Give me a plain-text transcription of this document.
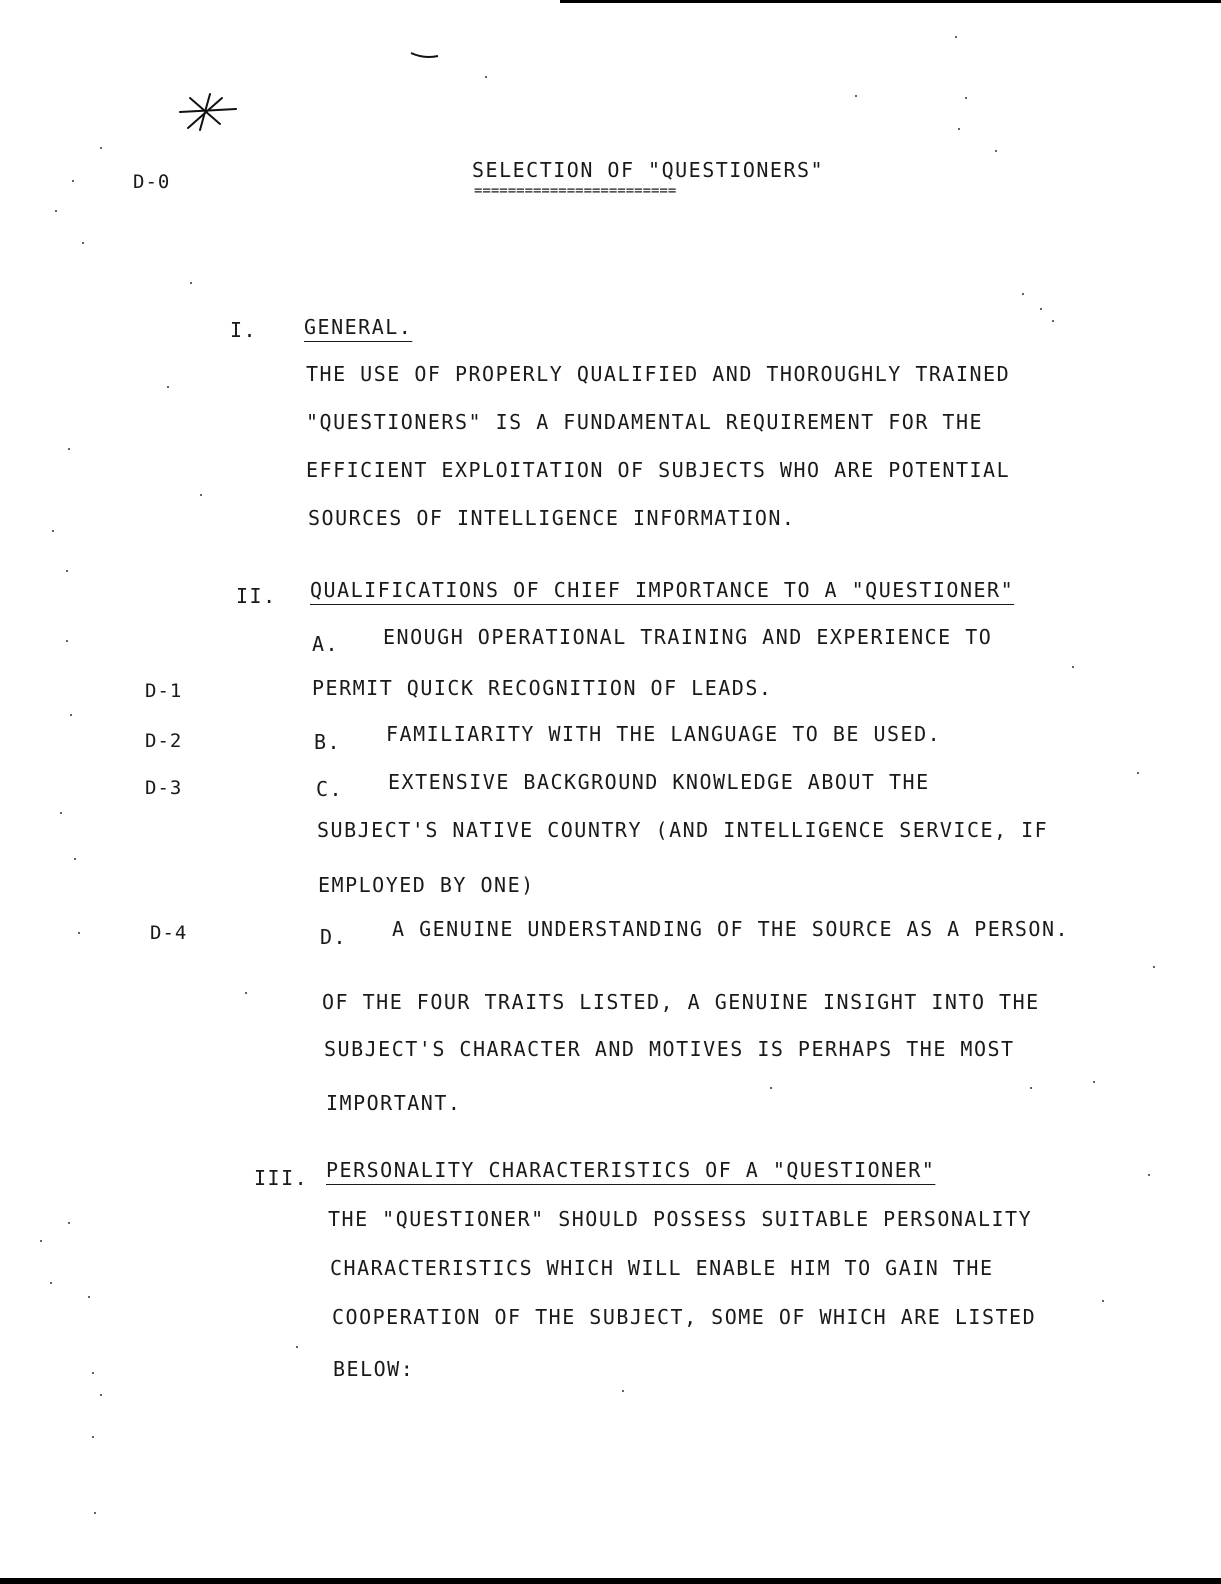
SELECTION OF "QUESTIONERS"
========================
D-0
D-1
D-2
D-3
D-4
I. GENERAL.
THE USE OF PROPERLY QUALIFIED AND THOROUGHLY TRAINED
"QUESTIONERS" IS A FUNDAMENTAL REQUIREMENT FOR THE
EFFICIENT EXPLOITATION OF SUBJECTS WHO ARE POTENTIAL
SOURCES OF INTELLIGENCE INFORMATION.
II. QUALIFICATIONS OF CHIEF IMPORTANCE TO A "QUESTIONER"
A. ENOUGH OPERATIONAL TRAINING AND EXPERIENCE TO
PERMIT QUICK RECOGNITION OF LEADS.
B. FAMILIARITY WITH THE LANGUAGE TO BE USED.
C. EXTENSIVE BACKGROUND KNOWLEDGE ABOUT THE
SUBJECT'S NATIVE COUNTRY (AND INTELLIGENCE SERVICE, IF
EMPLOYED BY ONE)
D. A GENUINE UNDERSTANDING OF THE SOURCE AS A PERSON.
OF THE FOUR TRAITS LISTED, A GENUINE INSIGHT INTO THE
SUBJECT'S CHARACTER AND MOTIVES IS PERHAPS THE MOST
IMPORTANT.
III. PERSONALITY CHARACTERISTICS OF A "QUESTIONER"
THE "QUESTIONER" SHOULD POSSESS SUITABLE PERSONALITY
CHARACTERISTICS WHICH WILL ENABLE HIM TO GAIN THE
COOPERATION OF THE SUBJECT, SOME OF WHICH ARE LISTED
BELOW:
